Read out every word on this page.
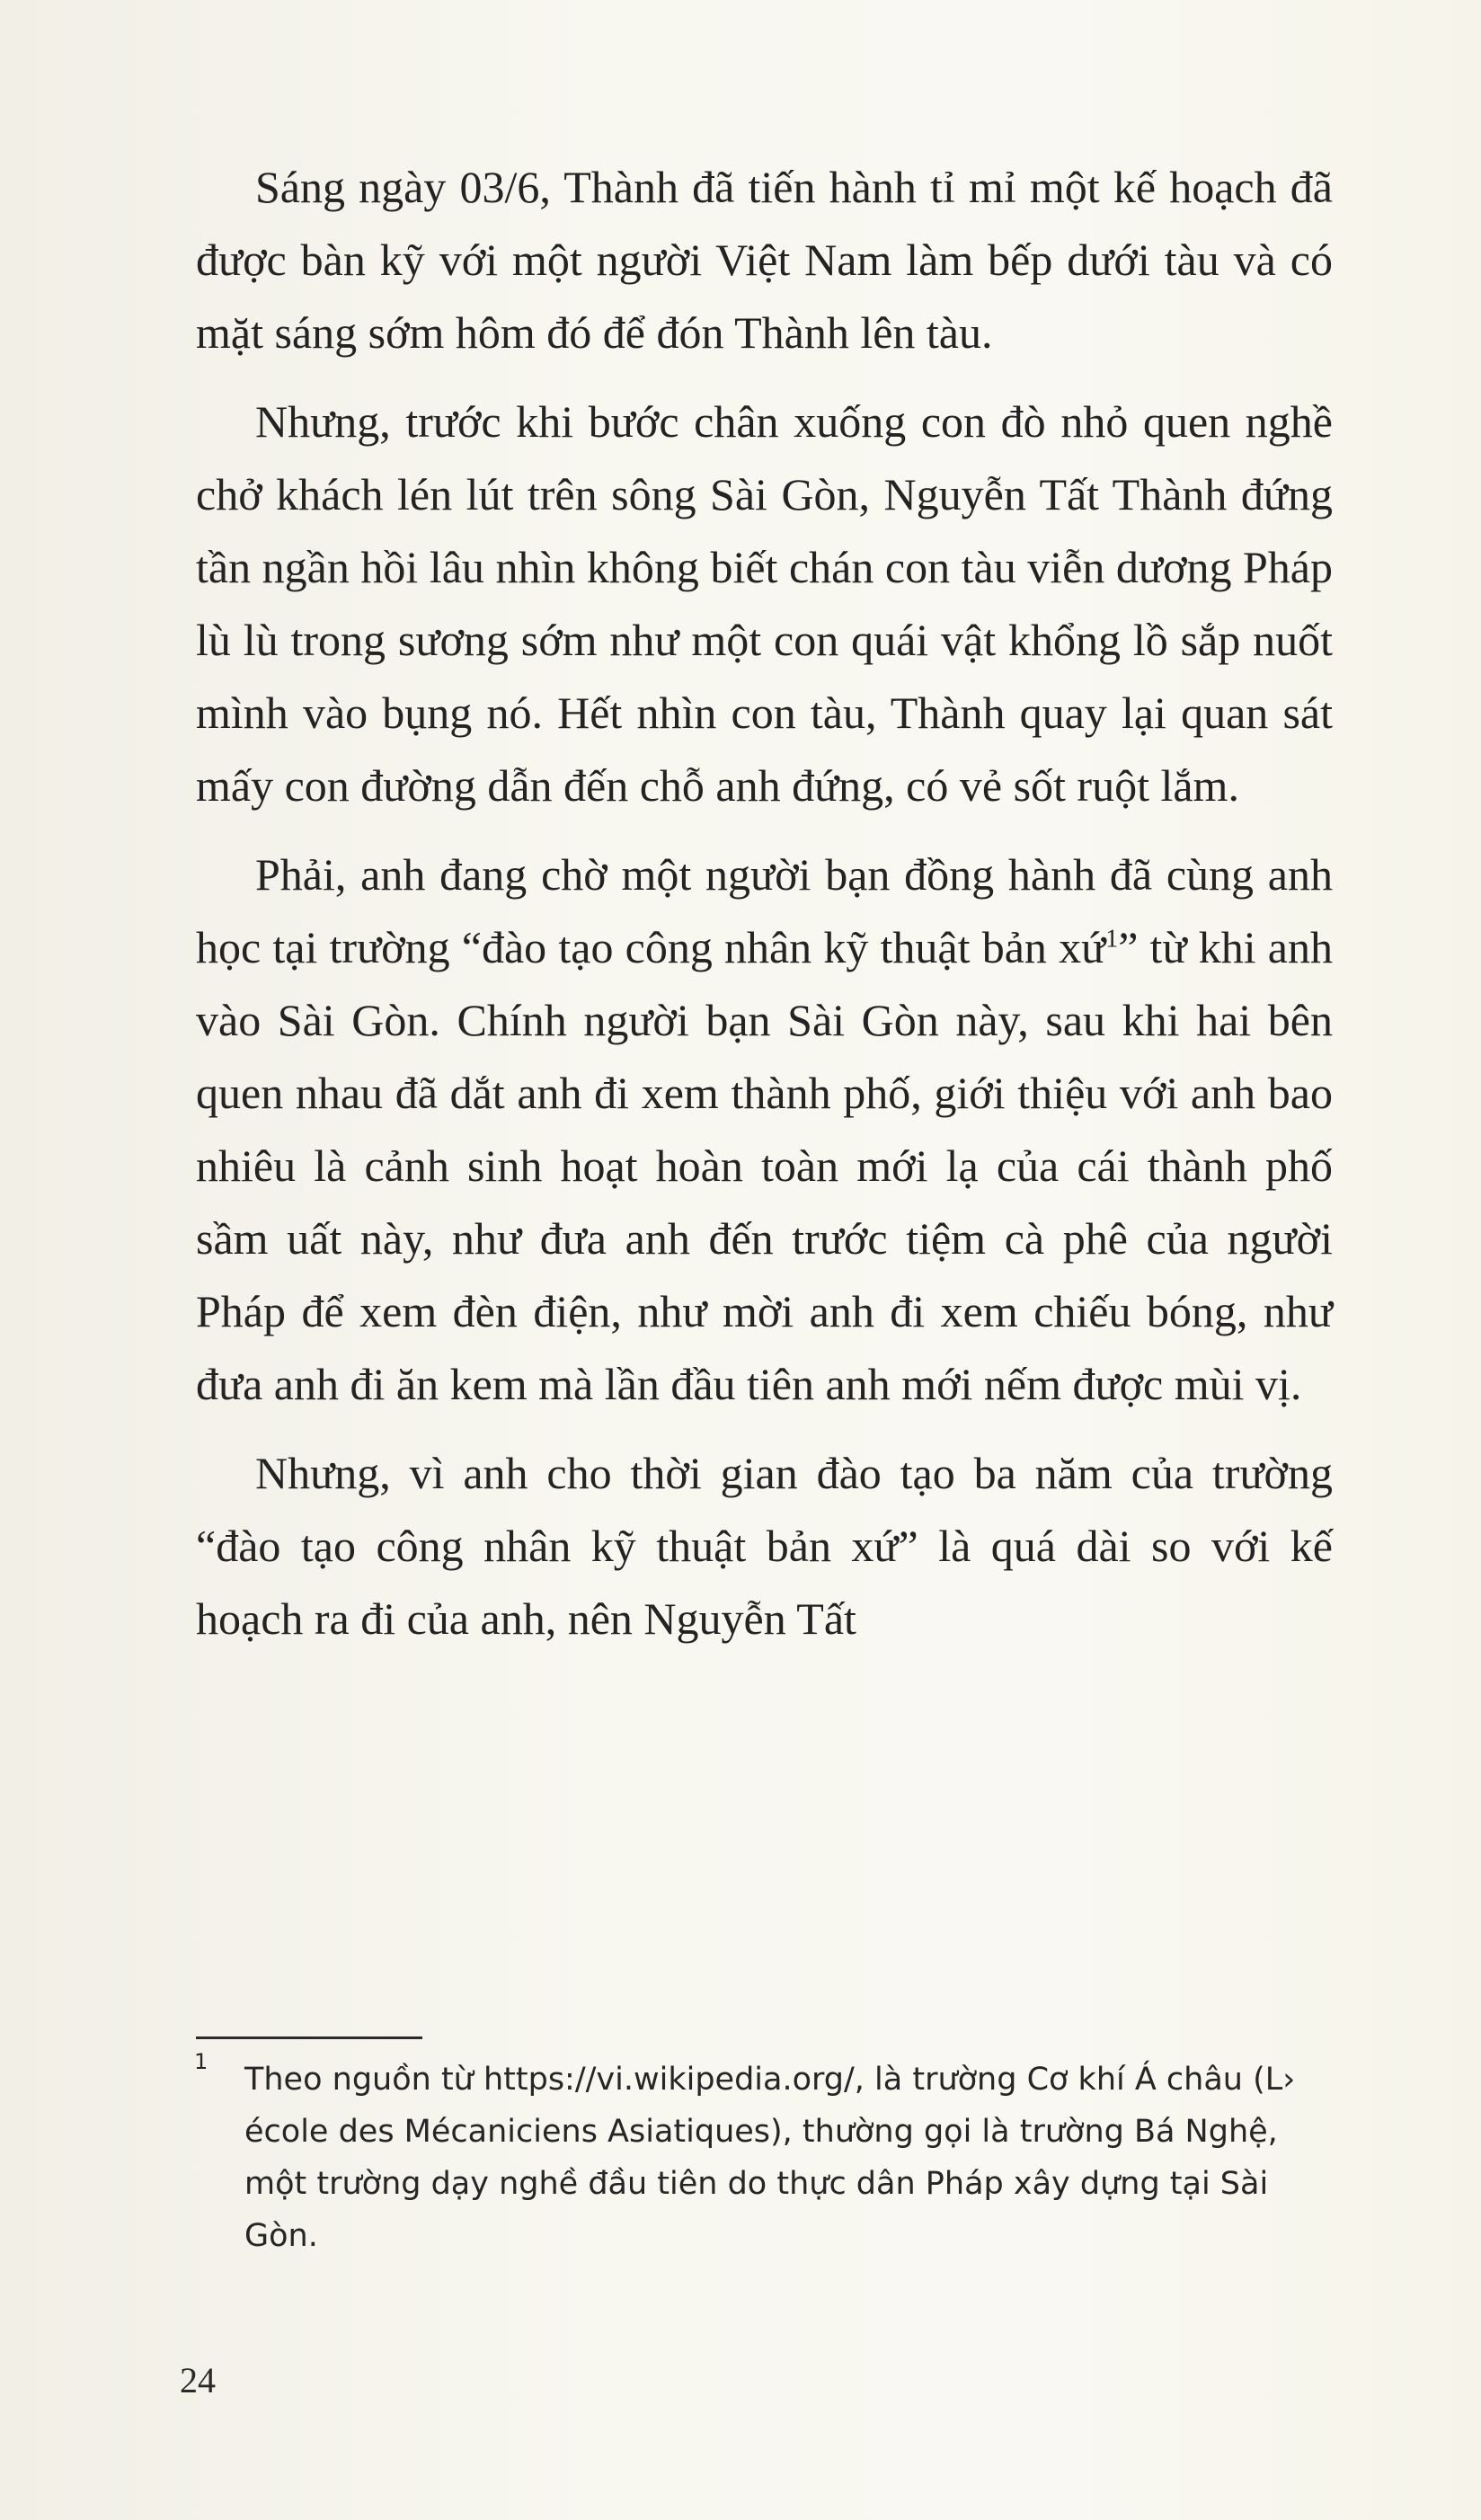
Sáng ngày 03/6, Thành đã tiến hành tỉ mỉ một kế hoạch đã được bàn kỹ với một người Việt Nam làm bếp dưới tàu và có mặt sáng sớm hôm đó để đón Thành lên tàu.

Nhưng, trước khi bước chân xuống con đò nhỏ quen nghề chở khách lén lút trên sông Sài Gòn, Nguyễn Tất Thành đứng tần ngần hồi lâu nhìn không biết chán con tàu viễn dương Pháp lù lù trong sương sớm như một con quái vật khổng lồ sắp nuốt mình vào bụng nó. Hết nhìn con tàu, Thành quay lại quan sát mấy con đường dẫn đến chỗ anh đứng, có vẻ sốt ruột lắm.

Phải, anh đang chờ một người bạn đồng hành đã cùng anh học tại trường “đào tạo công nhân kỹ thuật bản xứ$^1$” từ khi anh vào Sài Gòn. Chính người bạn Sài Gòn này, sau khi hai bên quen nhau đã dắt anh đi xem thành phố, giới thiệu với anh bao nhiêu là cảnh sinh hoạt hoàn toàn mới lạ của cái thành phố sầm uất này, như đưa anh đến trước tiệm cà phê của người Pháp để xem đèn điện, như mời anh đi xem chiếu bóng, như đưa anh đi ăn kem mà lần đầu tiên anh mới nếm được mùi vị.

Nhưng, vì anh cho thời gian đào tạo ba năm của trường “đào tạo công nhân kỹ thuật bản xứ” là quá dài so với kế hoạch ra đi của anh, nên Nguyễn Tất

1 Theo nguồn từ https://vi.wikipedia.org/, là trường Cơ khí Á châu (L› école des Mécaniciens Asiatiques), thường gọi là trường Bá Nghệ, một trường dạy nghề đầu tiên do thực dân Pháp xây dựng tại Sài Gòn.
24
